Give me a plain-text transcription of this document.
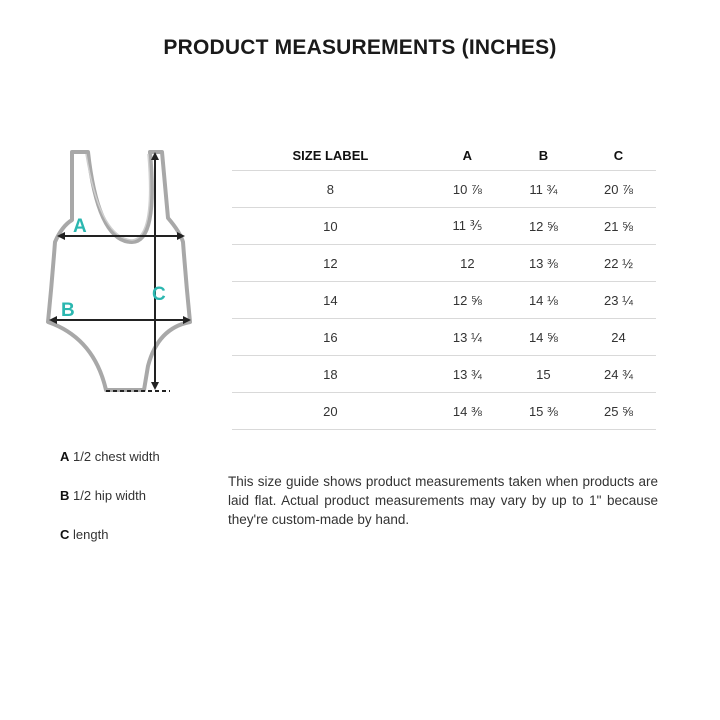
PRODUCT MEASUREMENTS (INCHES)
A
B
C
SIZE LABEL	A	B	C
8	10 ⅞	11 ¾	20 ⅞
10	11 ⅗	12 ⅝	21 ⅝
12	12	13 ⅜	22 ½
14	12 ⅝	14 ⅛	23 ¼
16	13 ¼	14 ⅝	24
18	13 ¾	15	24 ¾
20	14 ⅜	15 ⅜	25 ⅝
A 1/2 chest width
B 1/2 hip width
C length
This size guide shows product measurements taken when products are laid flat. Actual product measurements may vary by up to 1" because they're custom-made by hand.
